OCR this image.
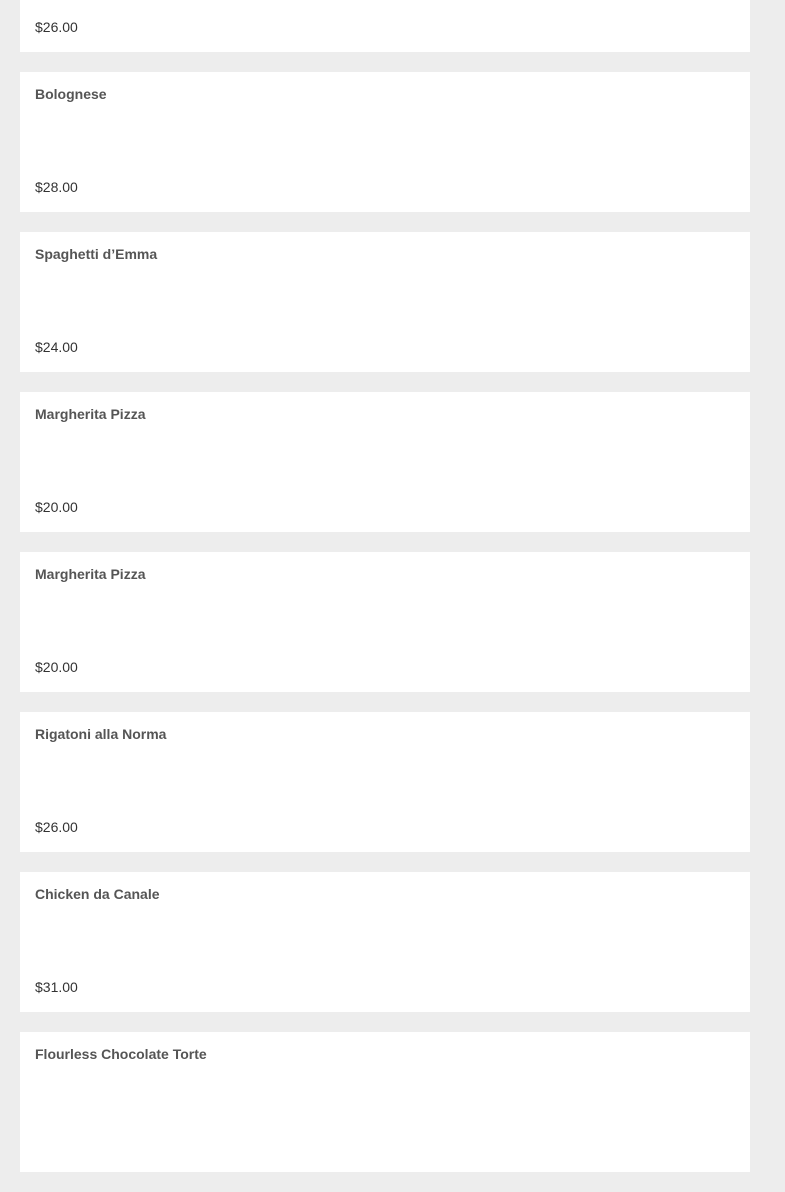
$26.00
Bolognese
$28.00
Spaghetti d’Emma
$24.00
Margherita Pizza
$20.00
Margherita Pizza
$20.00
Rigatoni alla Norma
$26.00
Chicken da Canale
$31.00
Flourless Chocolate Torte
